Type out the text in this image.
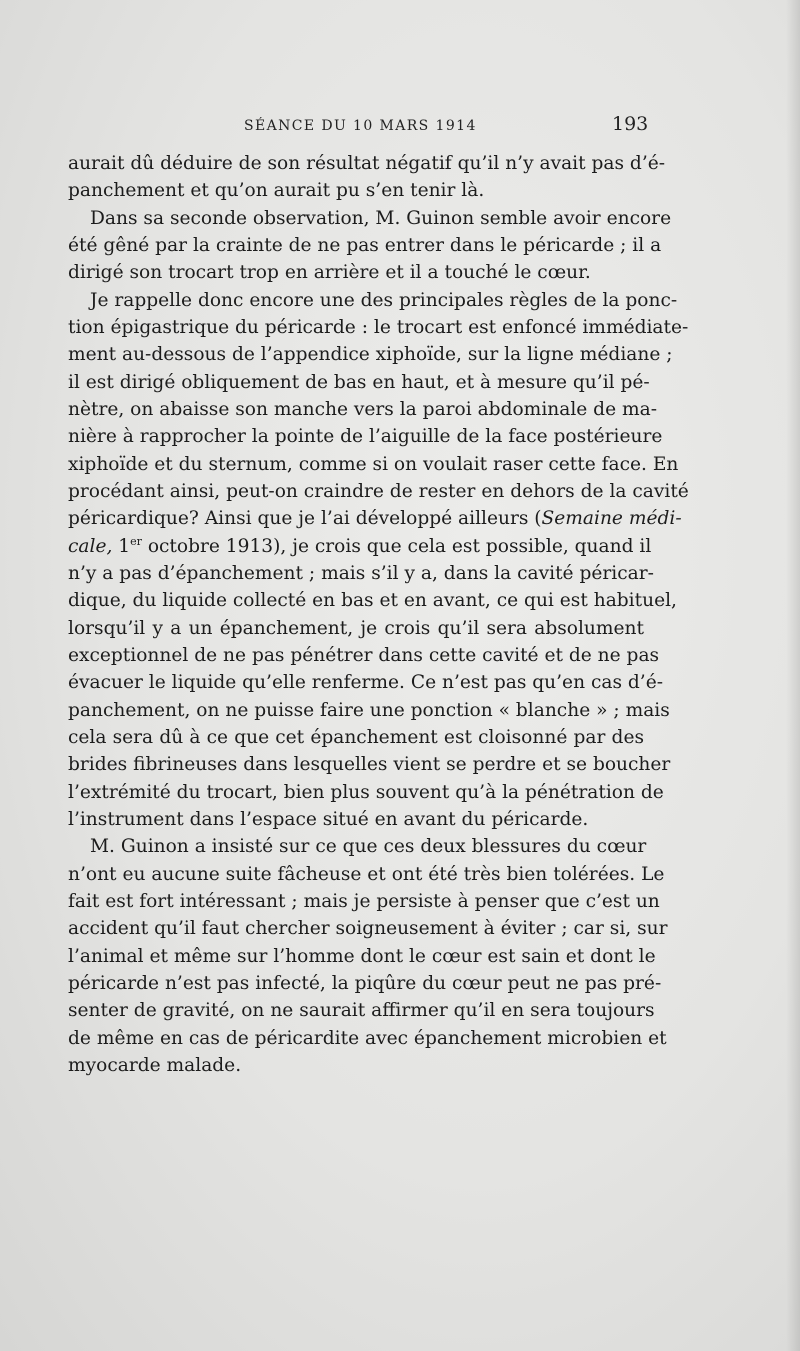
SÉANCE DU 10 MARS 1914	193
aurait dû déduire de son résultat négatif qu’il n’y avait pas d’é-
panchement et qu’on aurait pu s’en tenir là.
Dans sa seconde observation, M. Guinon semble avoir encore
été gêné par la crainte de ne pas entrer dans le péricarde ; il a
dirigé son trocart trop en arrière et il a touché le cœur.
Je rappelle donc encore une des principales règles de la ponc-
tion épigastrique du péricarde : le trocart est enfoncé immédiate-
ment au-dessous de l’appendice xiphoïde, sur la ligne médiane ;
il est dirigé obliquement de bas en haut, et à mesure qu’il pé-
nètre, on abaisse son manche vers la paroi abdominale de ma-
nière à rapprocher la pointe de l’aiguille de la face postérieure
xiphoïde et du sternum, comme si on voulait raser cette face. En
procédant ainsi, peut-on craindre de rester en dehors de la cavité
péricardique? Ainsi que je l’ai développé ailleurs (Semaine médi-
cale, 1er octobre 1913), je crois que cela est possible, quand il
n’y a pas d’épanchement ; mais s’il y a, dans la cavité péricar-
dique, du liquide collecté en bas et en avant, ce qui est habituel,
lorsqu’il y a un épanchement, je crois qu’il sera absolument
exceptionnel de ne pas pénétrer dans cette cavité et de ne pas
évacuer le liquide qu’elle renferme. Ce n’est pas qu’en cas d’é-
panchement, on ne puisse faire une ponction « blanche » ; mais
cela sera dû à ce que cet épanchement est cloisonné par des
brides fibrineuses dans lesquelles vient se perdre et se boucher
l’extrémité du trocart, bien plus souvent qu’à la pénétration de
l’instrument dans l’espace situé en avant du péricarde.
M. Guinon a insisté sur ce que ces deux blessures du cœur
n’ont eu aucune suite fâcheuse et ont été très bien tolérées. Le
fait est fort intéressant ; mais je persiste à penser que c’est un
accident qu’il faut chercher soigneusement à éviter ; car si, sur
l’animal et même sur l’homme dont le cœur est sain et dont le
péricarde n’est pas infecté, la piqûre du cœur peut ne pas pré-
senter de gravité, on ne saurait affirmer qu’il en sera toujours
de même en cas de péricardite avec épanchement microbien et
myocarde malade.
